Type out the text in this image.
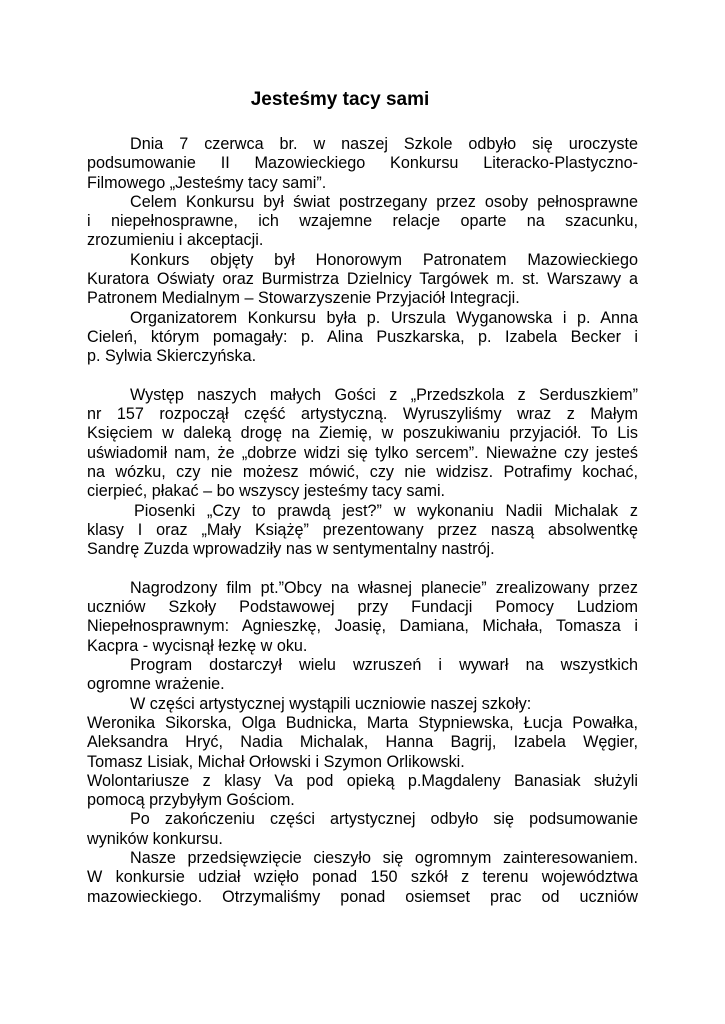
Jesteśmy tacy sami

Dnia 7 czerwca br. w naszej Szkole odbyło się uroczyste
podsumowanie II Mazowieckiego Konkursu Literacko-Plastyczno-
Filmowego „Jesteśmy tacy sami”.

Celem Konkursu był świat postrzegany przez osoby pełnosprawne
i niepełnosprawne, ich wzajemne relacje oparte na szacunku,
zrozumieniu i akceptacji.

Konkurs objęty był Honorowym Patronatem Mazowieckiego
Kuratora Oświaty oraz Burmistrza Dzielnicy Targówek m. st. Warszawy a
Patronem Medialnym – Stowarzyszenie Przyjaciół Integracji.

Organizatorem Konkursu była p. Urszula Wyganowska i p. Anna
Cieleń, którym pomagały: p. Alina Puszkarska, p. Izabela Becker i
p. Sylwia Skierczyńska.

Występ naszych małych Gości z „Przedszkola z Serduszkiem”
nr 157 rozpoczął część artystyczną. Wyruszyliśmy wraz z Małym
Księciem w daleką drogę na Ziemię, w poszukiwaniu przyjaciół. To Lis
uświadomił nam, że „dobrze widzi się tylko sercem”. Nieważne czy jesteś
na wózku, czy nie możesz mówić, czy nie widzisz. Potrafimy kochać,
cierpieć, płakać – bo wszyscy jesteśmy tacy sami.

Piosenki „Czy to prawdą jest?” w wykonaniu Nadii Michalak z
klasy I oraz „Mały Książę” prezentowany przez naszą absolwentkę
Sandrę Zuzda wprowadziły nas w sentymentalny nastrój.

Nagrodzony film pt.”Obcy na własnej planecie” zrealizowany przez
uczniów Szkoły Podstawowej przy Fundacji Pomocy Ludziom
Niepełnosprawnym: Agnieszkę, Joasię, Damiana, Michała, Tomasza i
Kacpra - wycisnął łezkę w oku.

Program dostarczył wielu wzruszeń i wywarł na wszystkich
ogromne wrażenie.

W części artystycznej wystąpili uczniowie naszej szkoły:
Weronika Sikorska, Olga Budnicka, Marta Stypniewska, Łucja Powałka,
Aleksandra Hryć, Nadia Michalak, Hanna Bagrij, Izabela Węgier,
Tomasz Lisiak, Michał Orłowski i Szymon Orlikowski.

Wolontariusze z klasy Va pod opieką p.Magdaleny Banasiak służyli
pomocą przybyłym Gościom.

Po zakończeniu części artystycznej odbyło się podsumowanie
wyników konkursu.

Nasze przedsięwzięcie cieszyło się ogromnym zainteresowaniem.
W konkursie udział wzięło ponad 150 szkół z terenu województwa
mazowieckiego. Otrzymaliśmy ponad osiemset prac od uczniów
